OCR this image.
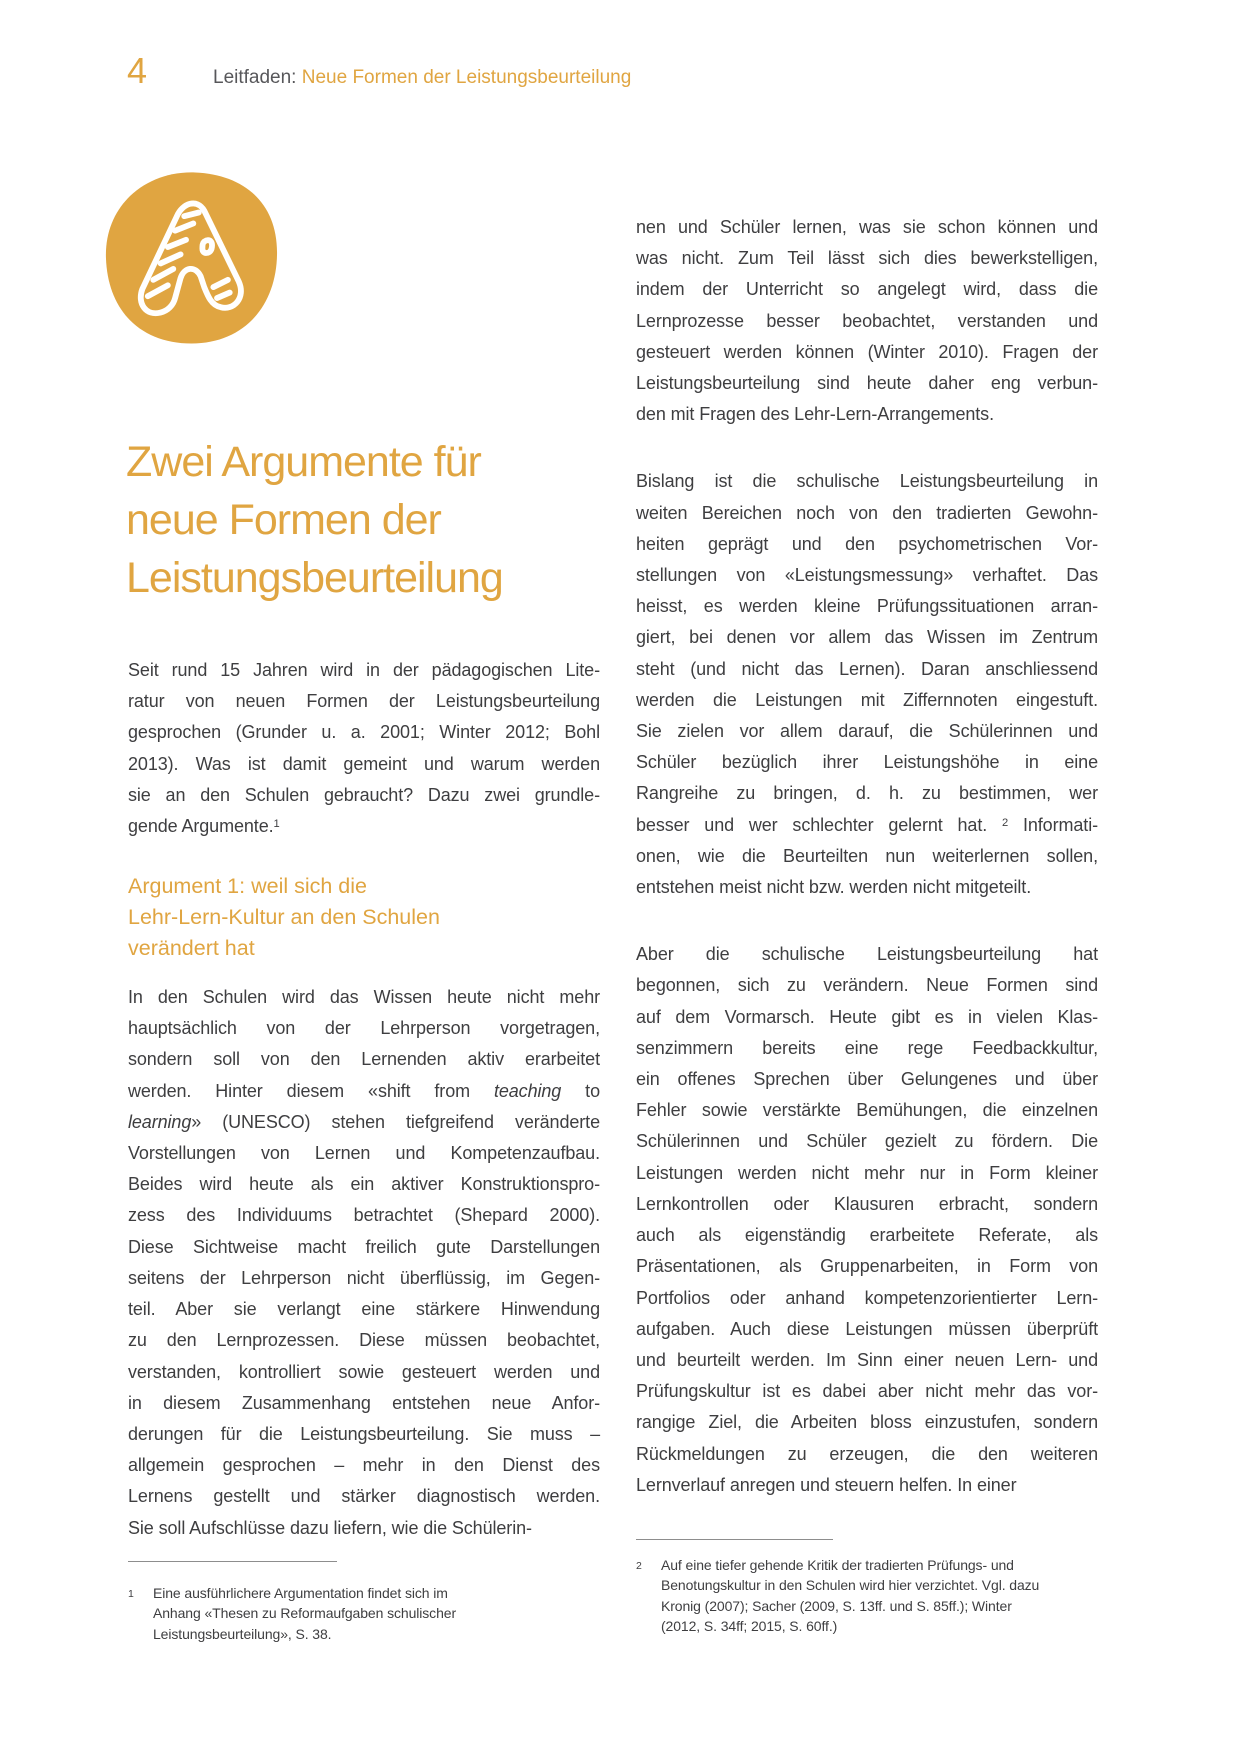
4	Leitfaden: Neue Formen der Leistungsbeurteilung
Zwei Argumente für
neue Formen der
Leistungsbeurteilung
Seit rund 15 Jahren wird in der pädagogischen Lite-
ratur von neuen Formen der Leistungsbeurteilung
gesprochen (Grunder u. a. 2001; Winter 2012; Bohl
2013). Was ist damit gemeint und warum werden
sie an den Schulen gebraucht? Dazu zwei grundle-
gende Argumente.$^1$
Argument 1: weil sich die
Lehr-Lern-Kultur an den Schulen
verändert hat
In den Schulen wird das Wissen heute nicht mehr
hauptsächlich von der Lehrperson vorgetragen,
sondern soll von den Lernenden aktiv erarbeitet
werden. Hinter diesem «shift from teaching to
learning» (UNESCO) stehen tiefgreifend veränderte
Vorstellungen von Lernen und Kompetenzaufbau.
Beides wird heute als ein aktiver Konstruktionspro-
zess des Individuums betrachtet (Shepard 2000).
Diese Sichtweise macht freilich gute Darstellungen
seitens der Lehrperson nicht überflüssig, im Gegen-
teil. Aber sie verlangt eine stärkere Hinwendung
zu den Lernprozessen. Diese müssen beobachtet,
verstanden, kontrolliert sowie gesteuert werden und
in diesem Zusammenhang entstehen neue Anfor-
derungen für die Leistungsbeurteilung. Sie muss –
allgemein gesprochen – mehr in den Dienst des
Lernens gestellt und stärker diagnostisch werden.
Sie soll Aufschlüsse dazu liefern, wie die Schülerin-
nen und Schüler lernen, was sie schon können und
was nicht. Zum Teil lässt sich dies bewerkstelligen,
indem der Unterricht so angelegt wird, dass die
Lernprozesse besser beobachtet, verstanden und
gesteuert werden können (Winter 2010). Fragen der
Leistungsbeurteilung sind heute daher eng verbun-
den mit Fragen des Lehr-Lern-Arrangements.
Bislang ist die schulische Leistungsbeurteilung in
weiten Bereichen noch von den tradierten Gewohn-
heiten geprägt und den psychometrischen Vor-
stellungen von «Leistungsmessung» verhaftet. Das
heisst, es werden kleine Prüfungssituationen arran-
giert, bei denen vor allem das Wissen im Zentrum
steht (und nicht das Lernen). Daran anschliessend
werden die Leistungen mit Ziffernnoten eingestuft.
Sie zielen vor allem darauf, die Schülerinnen und
Schüler bezüglich ihrer Leistungshöhe in eine
Rangreihe zu bringen, d. h. zu bestimmen, wer
besser und wer schlechter gelernt hat. $^2$ Informati-
onen, wie die Beurteilten nun weiterlernen sollen,
entstehen meist nicht bzw. werden nicht mitgeteilt.
Aber die schulische Leistungsbeurteilung hat
begonnen, sich zu verändern. Neue Formen sind
auf dem Vormarsch. Heute gibt es in vielen Klas-
senzimmern bereits eine rege Feedbackkultur,
ein offenes Sprechen über Gelungenes und über
Fehler sowie verstärkte Bemühungen, die einzelnen
Schülerinnen und Schüler gezielt zu fördern. Die
Leistungen werden nicht mehr nur in Form kleiner
Lernkontrollen oder Klausuren erbracht, sondern
auch als eigenständig erarbeitete Referate, als
Präsentationen, als Gruppenarbeiten, in Form von
Portfolios oder anhand kompetenzorientierter Lern-
aufgaben. Auch diese Leistungen müssen überprüft
und beurteilt werden. Im Sinn einer neuen Lern- und
Prüfungskultur ist es dabei aber nicht mehr das vor-
rangige Ziel, die Arbeiten bloss einzustufen, sondern
Rückmeldungen zu erzeugen, die den weiteren
Lernverlauf anregen und steuern helfen. In einer
1	Eine ausführlichere Argumentation findet sich im
Anhang «Thesen zu Reformaufgaben schulischer
Leistungsbeurteilung», S. 38.
2	Auf eine tiefer gehende Kritik der tradierten Prüfungs- und
Benotungskultur in den Schulen wird hier verzichtet. Vgl. dazu
Kronig (2007); Sacher (2009, S. 13ff. und S. 85ff.); Winter
(2012, S. 34ff; 2015, S. 60ff.)
